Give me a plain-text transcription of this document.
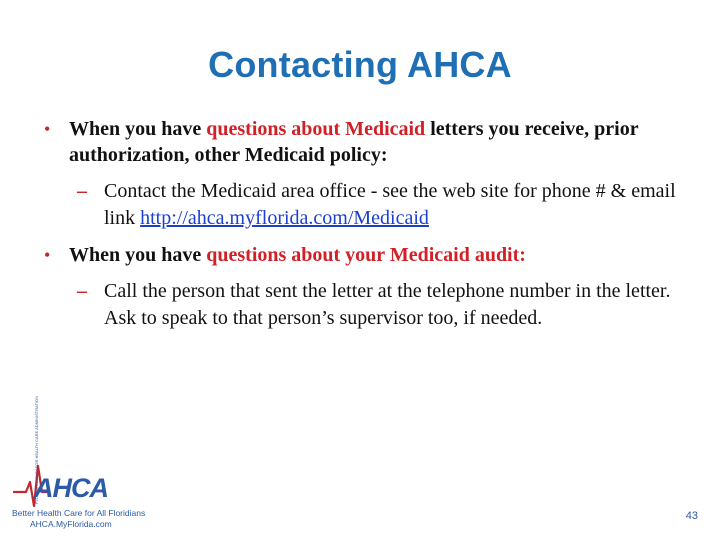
Contacting AHCA
• When you have questions about Medicaid letters you receive, prior authorization, other Medicaid policy:
– Contact the Medicaid area office - see the web site for phone # & email link http://ahca.myflorida.com/Medicaid
• When you have questions about your Medicaid audit:
– Call the person that sent the letter at the telephone number in the letter. Ask to speak to that person’s supervisor too, if needed.
FLORIDA AGENCY FOR HEALTH CARE ADMINISTRATION
AHCA
Better Health Care for All Floridians
AHCA.MyFlorida.com
43
